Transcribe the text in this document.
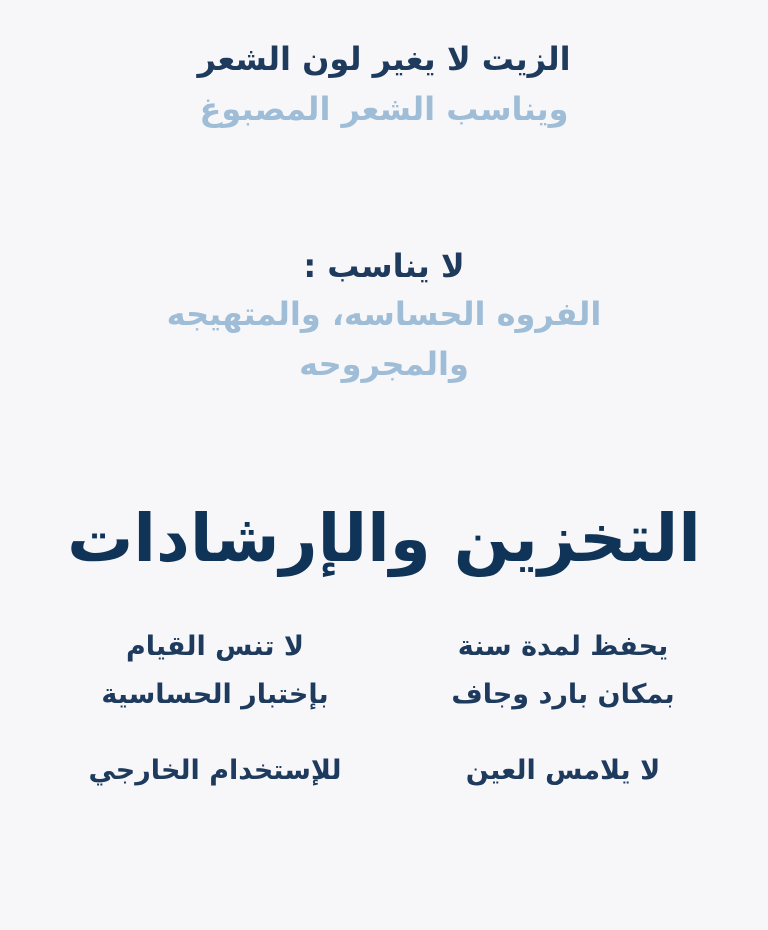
الزيت لا يغير لون الشعر
ويناسب الشعر المصبوغ
لا يناسب :
الفروه الحساسه، والمتهيجه
والمجروحه
التخزين والإرشادات
يحفظ لمدة سنة
بمكان بارد وجاف
لا يلامس العين
لا تنس القيام
بإختبار الحساسية
للإستخدام الخارجي
